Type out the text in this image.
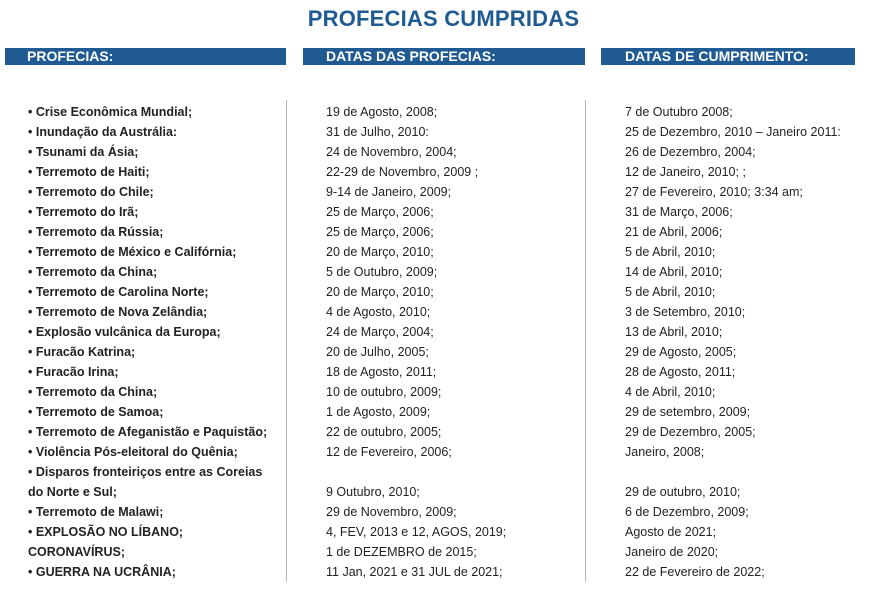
PROFECIAS CUMPRIDAS
PROFECIAS:	DATAS DAS PROFECIAS:	DATAS DE CUMPRIMENTO:
• Crise Econômica Mundial;
• Inundação da Austrália:
• Tsunami da Ásia;
• Terremoto de Haiti;
• Terremoto do Chile;
• Terremoto do Irã;
• Terremoto da Rússia;
• Terremoto de México e Califórnia;
• Terremoto da China;
• Terremoto de Carolina Norte;
• Terremoto de Nova Zelândia;
• Explosão vulcânica da Europa;
• Furacão Katrina;
• Furacão Irina;
• Terremoto da China;
• Terremoto de Samoa;
• Terremoto de Afeganistão e Paquistão;
• Violência Pós-eleitoral do Quênia;
• Disparos fronteiriços entre as Coreias
do Norte e Sul;
• Terremoto de Malawi;
• EXPLOSÃO NO LÍBANO;
CORONAVÍRUS;
• GUERRA NA UCRÂNIA;
19 de Agosto, 2008;
31 de Julho, 2010:
24 de Novembro, 2004;
22-29 de Novembro, 2009 ;
9-14 de Janeiro, 2009;
25 de Março, 2006;
25 de Março, 2006;
20 de Março, 2010;
5 de Outubro, 2009;
20 de Março, 2010;
4 de Agosto, 2010;
24 de Março, 2004;
20 de Julho, 2005;
18 de Agosto, 2011;
10 de outubro, 2009;
1 de Agosto, 2009;
22 de outubro, 2005;
12 de Fevereiro, 2006;
9 Outubro, 2010;
29 de Novembro, 2009;
4, FEV, 2013 e 12, AGOS, 2019;
1 de DEZEMBRO de 2015;
11 Jan, 2021 e 31 JUL de 2021;
7 de Outubro 2008;
25 de Dezembro, 2010 – Janeiro 2011:
26 de Dezembro, 2004;
12 de Janeiro, 2010; ;
27 de Fevereiro, 2010; 3:34 am;
31 de Março, 2006;
21 de Abril, 2006;
5 de Abril, 2010;
14 de Abril, 2010;
5 de Abril, 2010;
3 de Setembro, 2010;
13 de Abril, 2010;
29 de Agosto, 2005;
28 de Agosto, 2011;
4 de Abril, 2010;
29 de setembro, 2009;
29 de Dezembro, 2005;
Janeiro, 2008;
29 de outubro, 2010;
6 de Dezembro, 2009;
Agosto de 2021;
Janeiro de 2020;
22 de Fevereiro de 2022;
